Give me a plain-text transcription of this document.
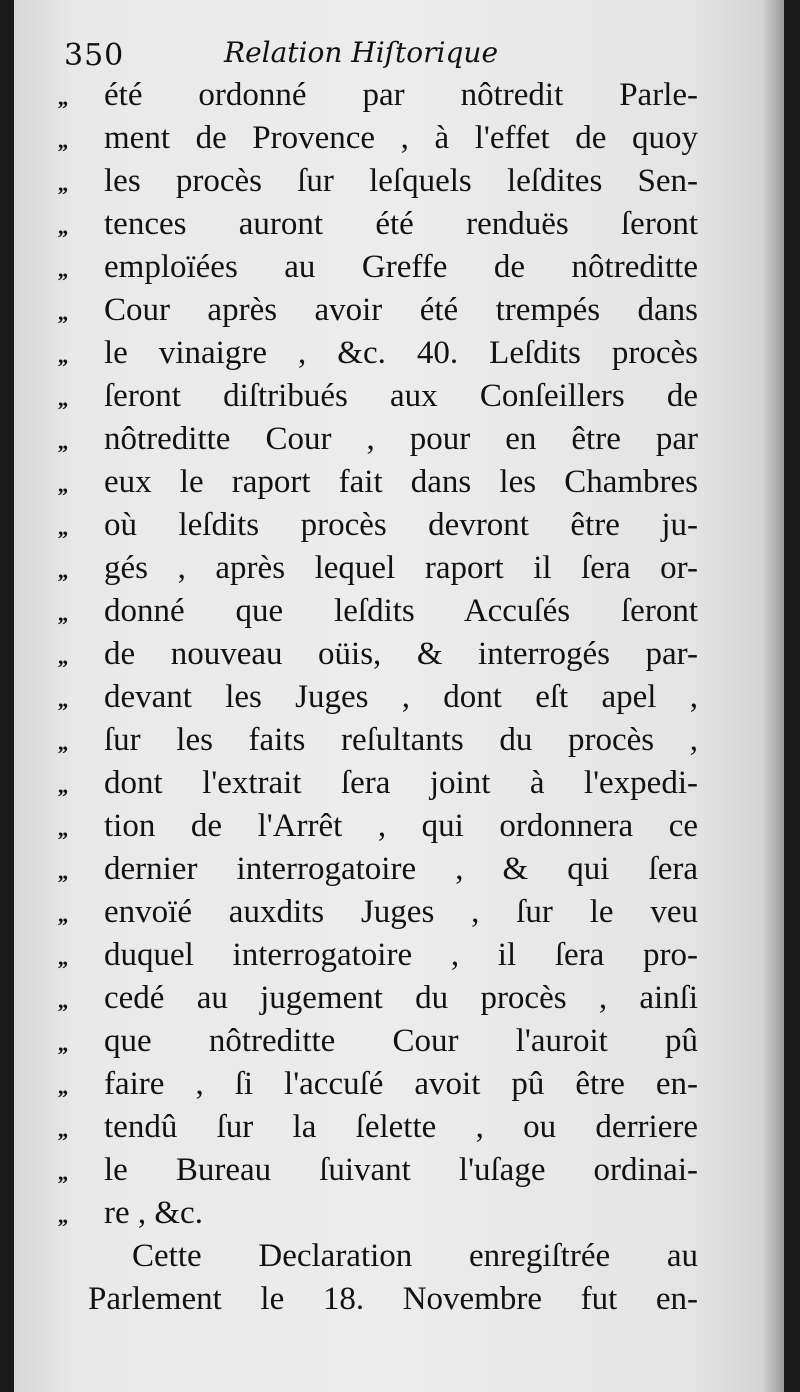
350	Relation Hiſtorique
,,	été ordonné par nôtredit Parle-
,,	ment de Provence , à l'effet de quoy
,,	les procès ſur leſquels leſdites Sen-
,,	tences auront été renduës ſeront
,,	emploïées au Greffe de nôtreditte
,,	Cour après avoir été trempés dans
,,	le vinaigre , &c. 40. Leſdits procès
,,	ſeront diſtribués aux Conſeillers de
,,	nôtreditte Cour , pour en être par
,,	eux le raport fait dans les Chambres
,,	où leſdits procès devront être ju-
,,	gés , après lequel raport il ſera or-
,,	donné que leſdits Accuſés ſeront
,,	de nouveau oüis, & interrogés par-
,,	devant les Juges , dont eſt apel ,
,,	ſur les faits reſultants du procès ,
,,	dont l'extrait ſera joint à l'expedi-
,,	tion de l'Arrêt , qui ordonnera ce
,,	dernier interrogatoire , & qui ſera
,,	envoïé auxdits Juges , ſur le veu
,,	duquel interrogatoire , il ſera pro-
,,	cedé au jugement du procès , ainſi
,,	que nôtreditte Cour l'auroit pû
,,	faire , ſi l'accuſé avoit pû être en-
,,	tendû ſur la ſelette , ou derriere
,,	le Bureau ſuivant l'uſage ordinai-
,,	re , &c.
Cette Declaration enregiſtrée au
Parlement le 18. Novembre fut en-
